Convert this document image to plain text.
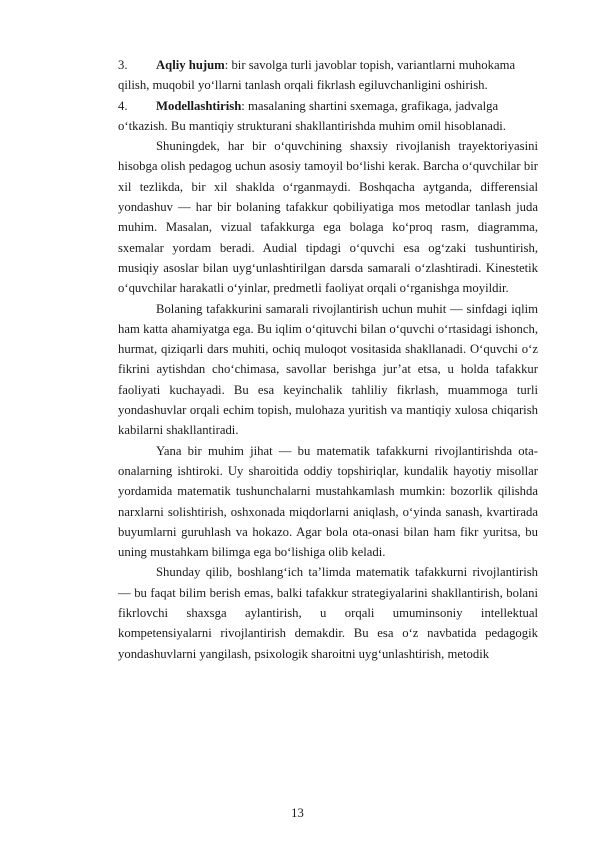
3.	Aqliy hujum: bir savolga turli javoblar topish, variantlarni muhokama

qilish, muqobil yo‘llarni tanlash orqali fikrlash egiluvchanligini oshirish.

4.	Modellashtirish: masalaning shartini sxemaga, grafikaga, jadvalga

o‘tkazish. Bu mantiqiy strukturani shakllantirishda muhim omil hisoblanadi.

Shuningdek, har bir o‘quvchining shaxsiy rivojlanish trayektoriyasini hisobga olish pedagog uchun asosiy tamoyil bo‘lishi kerak. Barcha o‘quvchilar bir xil tezlikda, bir xil shaklda o‘rganmaydi. Boshqacha aytganda, differensial yondashuv — har bir bolaning tafakkur qobiliyatiga mos metodlar tanlash juda muhim. Masalan, vizual tafakkurga ega bolaga ko‘proq rasm, diagramma, sxemalar yordam beradi. Audial tipdagi o‘quvchi esa og‘zaki tushuntirish, musiqiy asoslar bilan uyg‘unlashtirilgan darsda samarali o‘zlashtiradi. Kinestetik o‘quvchilar harakatli o‘yinlar, predmetli faoliyat orqali o‘rganishga moyildir.

Bolaning tafakkurini samarali rivojlantirish uchun muhit — sinfdagi iqlim ham katta ahamiyatga ega. Bu iqlim o‘qituvchi bilan o‘quvchi o‘rtasidagi ishonch, hurmat, qiziqarli dars muhiti, ochiq muloqot vositasida shakllanadi. O‘quvchi o‘z fikrini aytishdan cho‘chimasa, savollar berishga jur’at etsa, u holda tafakkur faoliyati kuchayadi. Bu esa keyinchalik tahliliy fikrlash, muammoga turli yondashuvlar orqali echim topish, mulohaza yuritish va mantiqiy xulosa chiqarish kabilarni shakllantiradi.

Yana bir muhim jihat — bu matematik tafakkurni rivojlantirishda ota-onalarning ishtiroki. Uy sharoitida oddiy topshiriqlar, kundalik hayotiy misollar yordamida matematik tushunchalarni mustahkamlash mumkin: bozorlik qilishda narxlarni solishtirish, oshxonada miqdorlarni aniqlash, o‘yinda sanash, kvartirada buyumlarni guruhlash va hokazo. Agar bola ota-onasi bilan ham fikr yuritsa, bu uning mustahkam bilimga ega bo‘lishiga olib keladi.

Shunday qilib, boshlang‘ich ta’limda matematik tafakkurni rivojlantirish — bu faqat bilim berish emas, balki tafakkur strategiyalarini shakllantirish, bolani fikrlovchi shaxsga aylantirish, u orqali umuminsoniy intellektual kompetensiyalarni rivojlantirish demakdir. Bu esa o‘z navbatida pedagogik yondashuvlarni yangilash, psixologik sharoitni uyg‘unlashtirish, metodik

13
